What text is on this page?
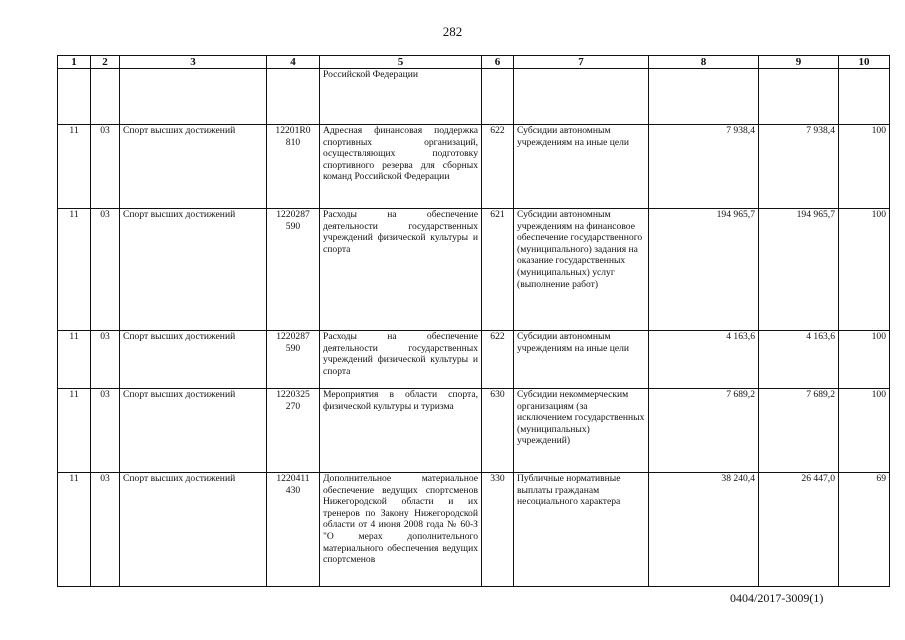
282
1	2	3	4	5	6	7	8	9	10
				Российской Федерации					
11	03	Спорт высших достижений	12201R0 810	Адресная финансовая поддержка спортивных организаций, осуществляющих подготовку спортивного резерва для сборных команд Российской Федерации	622	Субсидии автономным учреждениям на иные цели	7 938,4	7 938,4	100
11	03	Спорт высших достижений	1220287 590	Расходы на обеспечение деятельности государственных учреждений физической культуры и спорта	621	Субсидии автономным учреждениям на финансовое обеспечение государственного (муниципального) задания на оказание государственных (муниципальных) услуг (выполнение работ)	194 965,7	194 965,7	100
11	03	Спорт высших достижений	1220287 590	Расходы на обеспечение деятельности государственных учреждений физической культуры и спорта	622	Субсидии автономным учреждениям на иные цели	4 163,6	4 163,6	100
11	03	Спорт высших достижений	1220325 270	Мероприятия в области спорта, физической культуры и туризма	630	Субсидии некоммерческим организациям (за исключением государственных (муниципальных) учреждений)	7 689,2	7 689,2	100
11	03	Спорт высших достижений	1220411 430	Дополнительное материальное обеспечение ведущих спортсменов Нижегородской области и их тренеров по Закону Нижегородской области от 4 июня 2008 года № 60-З "О мерах дополнительного материального обеспечения ведущих спортсменов	330	Публичные нормативные выплаты гражданам несоциального характера	38 240,4	26 447,0	69
0404/2017-3009(1)
